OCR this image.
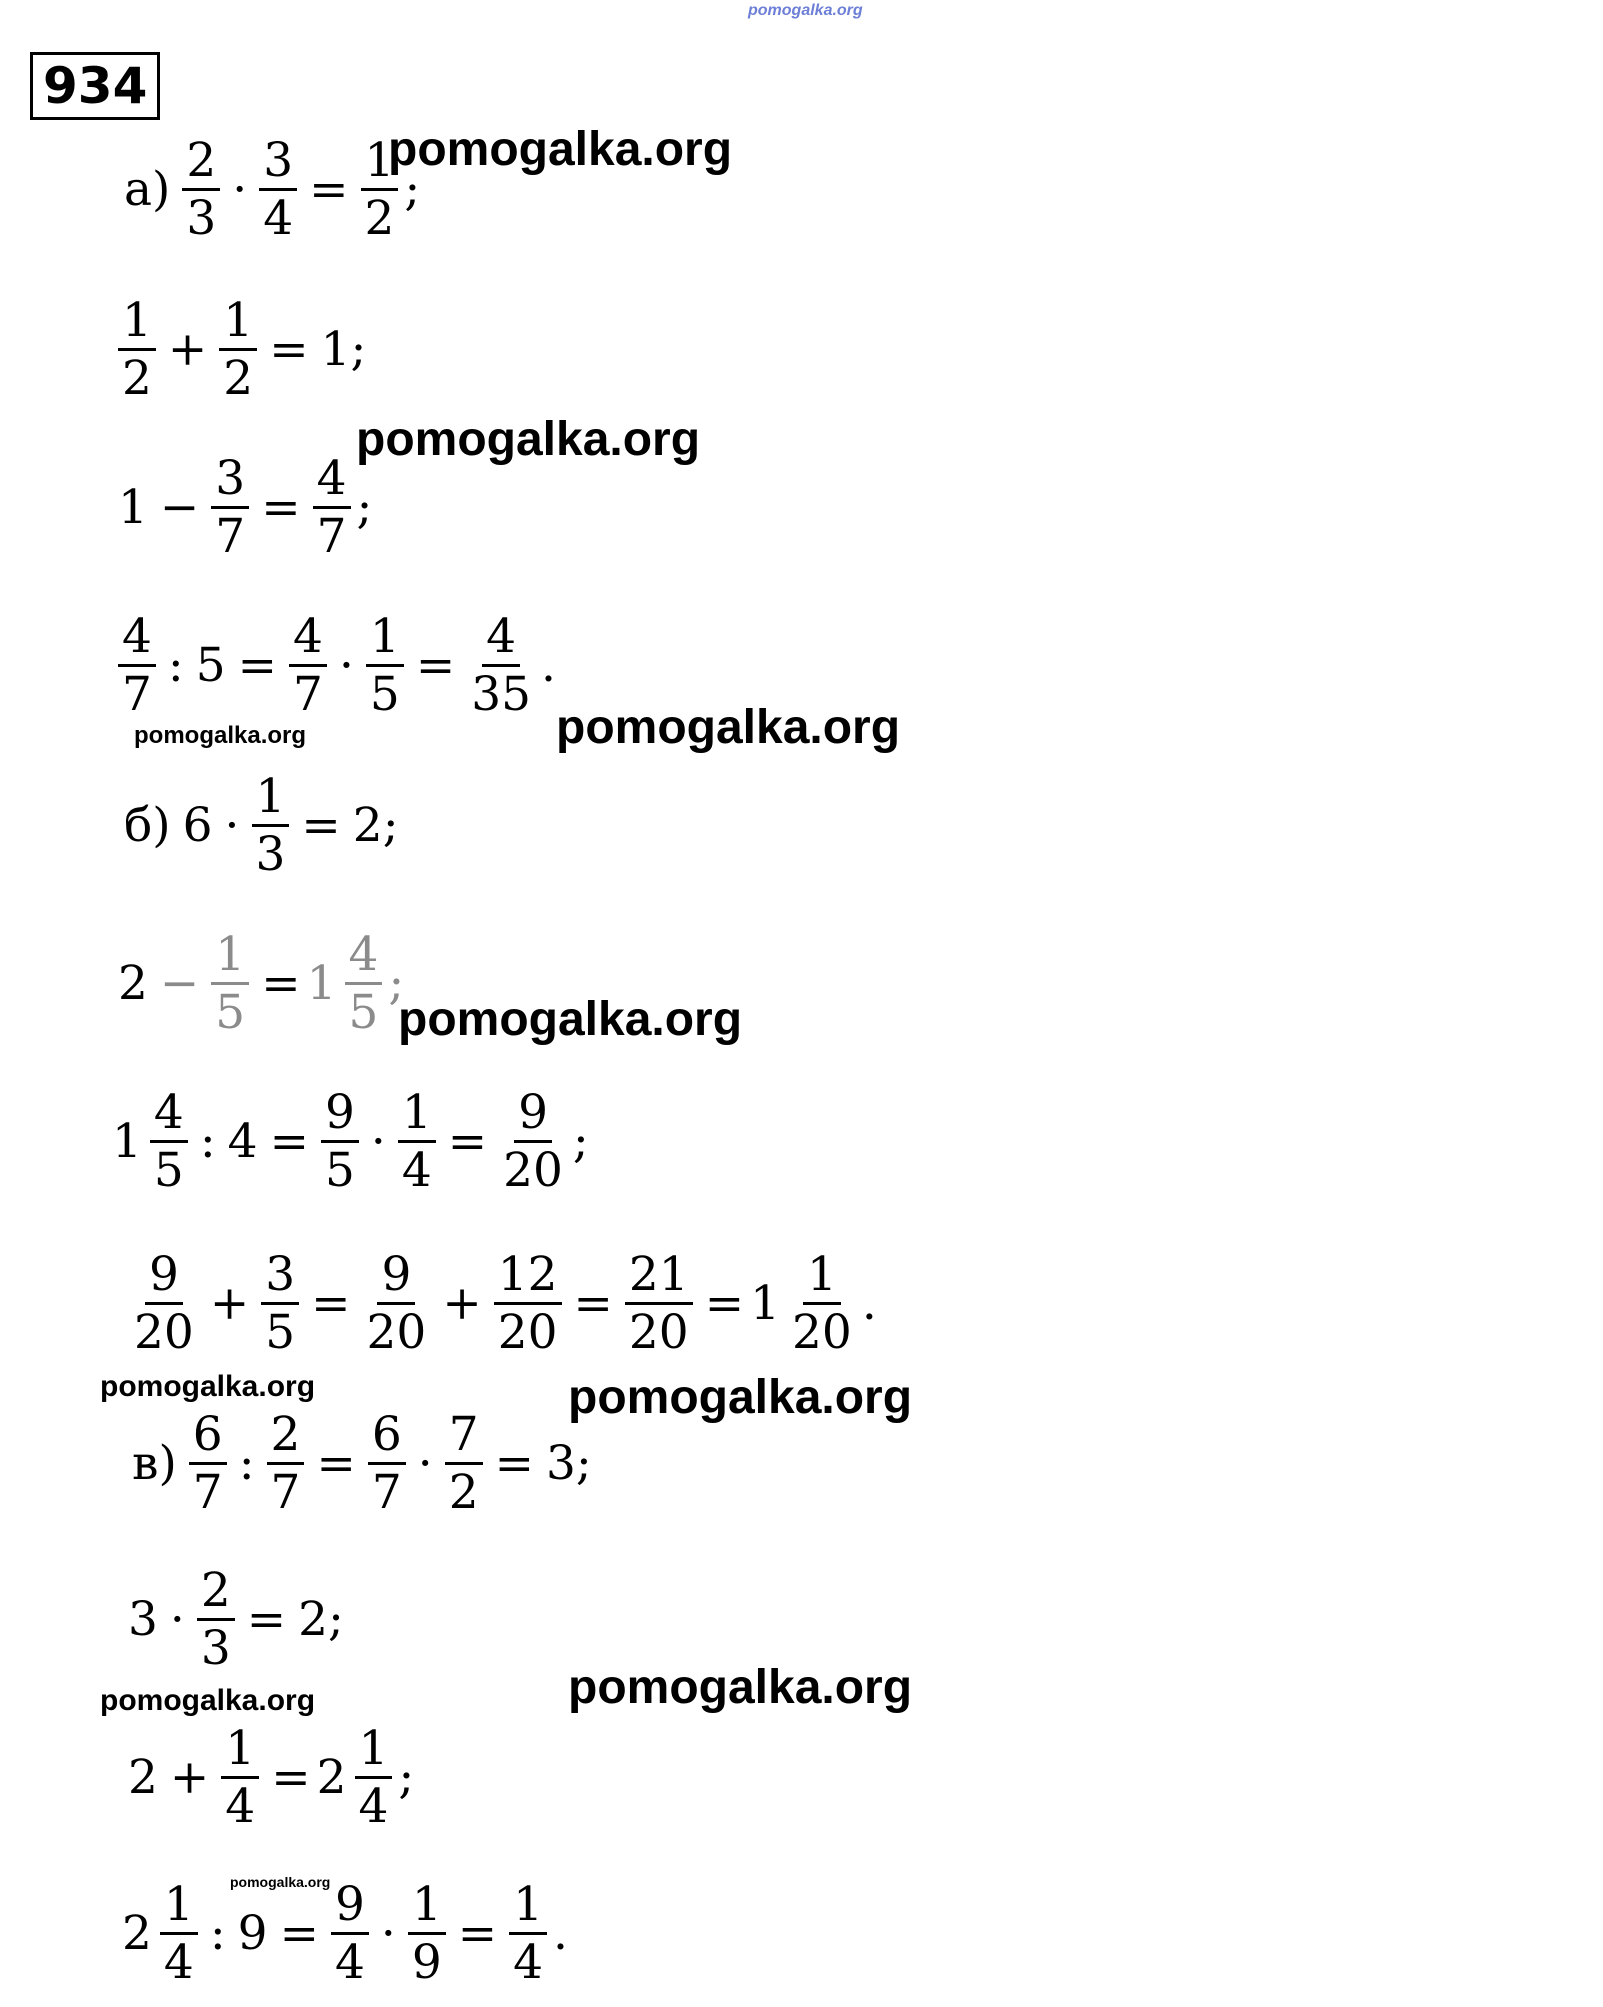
pomogalka.org
934
$а) \frac{2}{3} \cdot \frac{3}{4} = \frac{1}{2}$ ;
pomogalka.org
$\frac{1}{2} + \frac{1}{2} = 1$;
pomogalka.org
$1 - \frac{3}{7} = \frac{4}{7}$ ;
$\frac{4}{7}$ : $5 = \frac{4}{7} \cdot \frac{1}{5} = \frac{4}{35}$ .
pomogalka.org	pomogalka.org
б) $6 \cdot \frac{1}{3} = 2$;
$2 - \frac{1}{5} = 1 \frac{4}{5}$ ;
pomogalka.org
$1 \frac{4}{5}$ : $4 = \frac{9}{5} \cdot \frac{1}{4} = \frac{9}{20}$ ;
$\frac{9}{20} + \frac{3}{5} = \frac{9}{20} + \frac{12}{20} = \frac{21}{20} = 1 \frac{1}{20}$ .
pomogalka.org	pomogalka.org
$в) \frac{6}{7}$ : $\frac{2}{7} = \frac{6}{7} \cdot \frac{7}{2} = 3$;
$3 \cdot \frac{2}{3} = 2$;
pomogalka.org	pomogalka.org
$2 + \frac{1}{4} = 2 \frac{1}{4}$ ;
pomogalka.org
$2 \frac{1}{4}$ : $9 = \frac{9}{4} \cdot \frac{1}{9} = \frac{1}{4}$ .
